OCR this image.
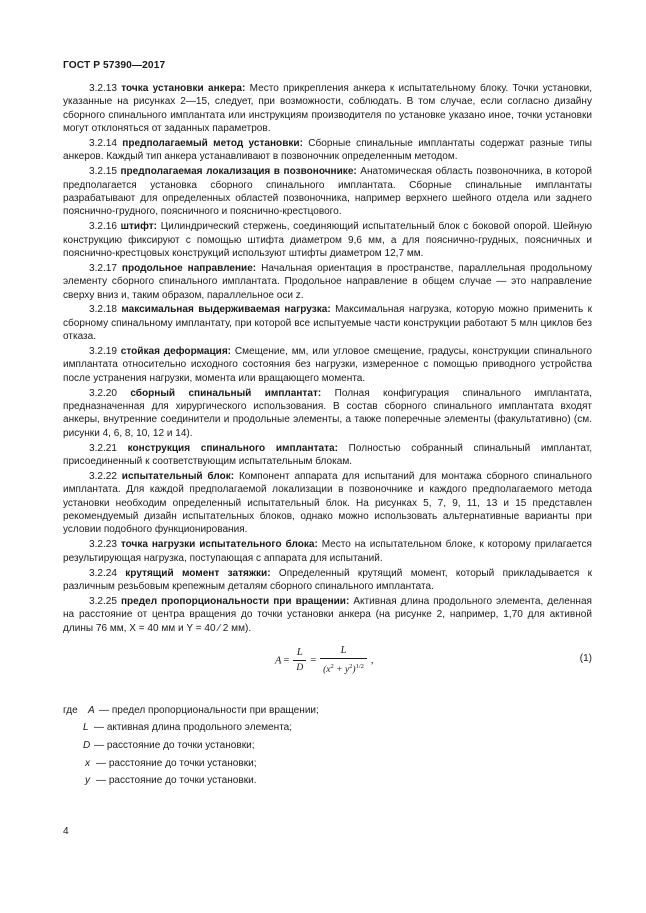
ГОСТ Р 57390—2017

3.2.13 точка установки анкера: Место прикрепления анкера к испытательному блоку. Точки установки, указанные на рисунках 2—15, следует, при возможности, соблюдать. В том случае, если согласно дизайну сборного спинального имплантата или инструкциям производителя по установке указано иное, точки установки могут отклоняться от заданных параметров.

3.2.14 предполагаемый метод установки: Сборные спинальные имплантаты содержат разные типы анкеров. Каждый тип анкера устанавливают в позвоночник определенным методом.

3.2.15 предполагаемая локализация в позвоночнике: Анатомическая область позвоночника, в которой предполагается установка сборного спинального имплантата. Сборные спинальные имплантаты разрабатывают для определенных областей позвоночника, например верхнего шейного отдела или заднего пояснично-грудного, поясничного и пояснично-крестцового.

3.2.16 штифт: Цилиндрический стержень, соединяющий испытательный блок с боковой опорой. Шейную конструкцию фиксируют с помощью штифта диаметром 9,6 мм, а для пояснично-грудных, поясничных и пояснично-крестцовых конструкций используют штифты диаметром 12,7 мм.

3.2.17 продольное направление: Начальная ориентация в пространстве, параллельная продольному элементу сборного спинального имплантата. Продольное направление в общем случае — это направление сверху вниз и, таким образом, параллельное оси z.

3.2.18 максимальная выдерживаемая нагрузка: Максимальная нагрузка, которую можно применить к сборному спинальному имплантату, при которой все испытуемые части конструкции работают 5 млн циклов без отказа.

3.2.19 стойкая деформация: Смещение, мм, или угловое смещение, градусы, конструкции спинального имплантата относительно исходного состояния без нагрузки, измеренное с помощью приводного устройства после устранения нагрузки, момента или вращающего момента.

3.2.20 сборный спинальный имплантат: Полная конфигурация спинального имплантата, предназначенная для хирургического использования. В состав сборного спинального имплантата входят анкеры, внутренние соединители и продольные элементы, а также поперечные элементы (факультативно) (см. рисунки 4, 6, 8, 10, 12 и 14).

3.2.21 конструкция спинального имплантата: Полностью собранный спинальный имплантат, присоединенный к соответствующим испытательным блокам.

3.2.22 испытательный блок: Компонент аппарата для испытаний для монтажа сборного спинального имплантата. Для каждой предполагаемой локализации в позвоночнике и каждого предполагаемого метода установки необходим определенный испытательный блок. На рисунках 5, 7, 9, 11, 13 и 15 представлен рекомендуемый дизайн испытательных блоков, однако можно использовать альтернативные варианты при условии подобного функционирования.

3.2.23 точка нагрузки испытательного блока: Место на испытательном блоке, к которому прилагается результирующая нагрузка, поступающая с аппарата для испытаний.

3.2.24 крутящий момент затяжки: Определенный крутящий момент, который прикладывается к различным резьбовым крепежным деталям сборного спинального имплантата.

3.2.25 предел пропорциональности при вращении: Активная длина продольного элемента, деленная на расстояние от центра вращения до точки установки анкера (на рисунке 2, например, 1,70 для активной длины 76 мм, X = 40 мм и Y = 40 ⁄ 2 мм).

$A = \frac{L}{D} = \frac{L}{(x^2 + y^2)^{1/2}}$ ,	(1)
где A — предел пропорциональности при вращении;
L — активная длина продольного элемента;
D — расстояние до точки установки;
x — расстояние до точки установки;
y — расстояние до точки установки.
4
